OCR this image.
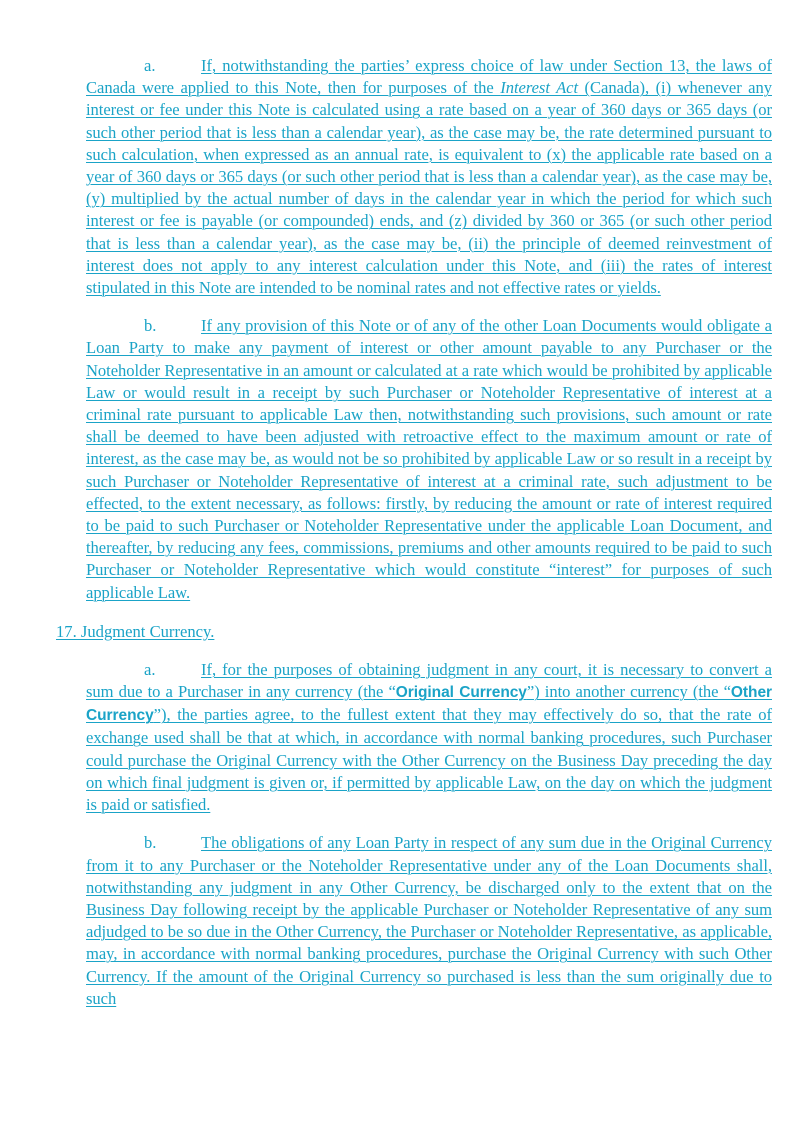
a.	If, notwithstanding the parties’ express choice of law under Section 13, the laws of Canada were applied to this Note, then for purposes of the Interest Act (Canada), (i) whenever any interest or fee under this Note is calculated using a rate based on a year of 360 days or 365 days (or such other period that is less than a calendar year), as the case may be, the rate determined pursuant to such calculation, when expressed as an annual rate, is equivalent to (x) the applicable rate based on a year of 360 days or 365 days (or such other period that is less than a calendar year), as the case may be, (y) multiplied by the actual number of days in the calendar year in which the period for which such interest or fee is payable (or compounded) ends, and (z) divided by 360 or 365 (or such other period that is less than a calendar year), as the case may be, (ii) the principle of deemed reinvestment of interest does not apply to any interest calculation under this Note, and (iii) the rates of interest stipulated in this Note are intended to be nominal rates and not effective rates or yields.

b.	If any provision of this Note or of any of the other Loan Documents would obligate a Loan Party to make any payment of interest or other amount payable to any Purchaser or the Noteholder Representative in an amount or calculated at a rate which would be prohibited by applicable Law or would result in a receipt by such Purchaser or Noteholder Representative of interest at a criminal rate pursuant to applicable Law then, notwithstanding such provisions, such amount or rate shall be deemed to have been adjusted with retroactive effect to the maximum amount or rate of interest, as the case may be, as would not be so prohibited by applicable Law or so result in a receipt by such Purchaser or Noteholder Representative of interest at a criminal rate, such adjustment to be effected, to the extent necessary, as follows: firstly, by reducing the amount or rate of interest required to be paid to such Purchaser or Noteholder Representative under the applicable Loan Document, and thereafter, by reducing any fees, commissions, premiums and other amounts required to be paid to such Purchaser or Noteholder Representative which would constitute “interest” for purposes of such applicable Law.

17. Judgment Currency.

a.	If, for the purposes of obtaining judgment in any court, it is necessary to convert a sum due to a Purchaser in any currency (the “Original Currency”) into another currency (the “Other Currency”), the parties agree, to the fullest extent that they may effectively do so, that the rate of exchange used shall be that at which, in accordance with normal banking procedures, such Purchaser could purchase the Original Currency with the Other Currency on the Business Day preceding the day on which final judgment is given or, if permitted by applicable Law, on the day on which the judgment is paid or satisfied.

b.	The obligations of any Loan Party in respect of any sum due in the Original Currency from it to any Purchaser or the Noteholder Representative under any of the Loan Documents shall, notwithstanding any judgment in any Other Currency, be discharged only to the extent that on the Business Day following receipt by the applicable Purchaser or Noteholder Representative of any sum adjudged to be so due in the Other Currency, the Purchaser or Noteholder Representative, as applicable, may, in accordance with normal banking procedures, purchase the Original Currency with such Other Currency. If the amount of the Original Currency so purchased is less than the sum originally due to such
